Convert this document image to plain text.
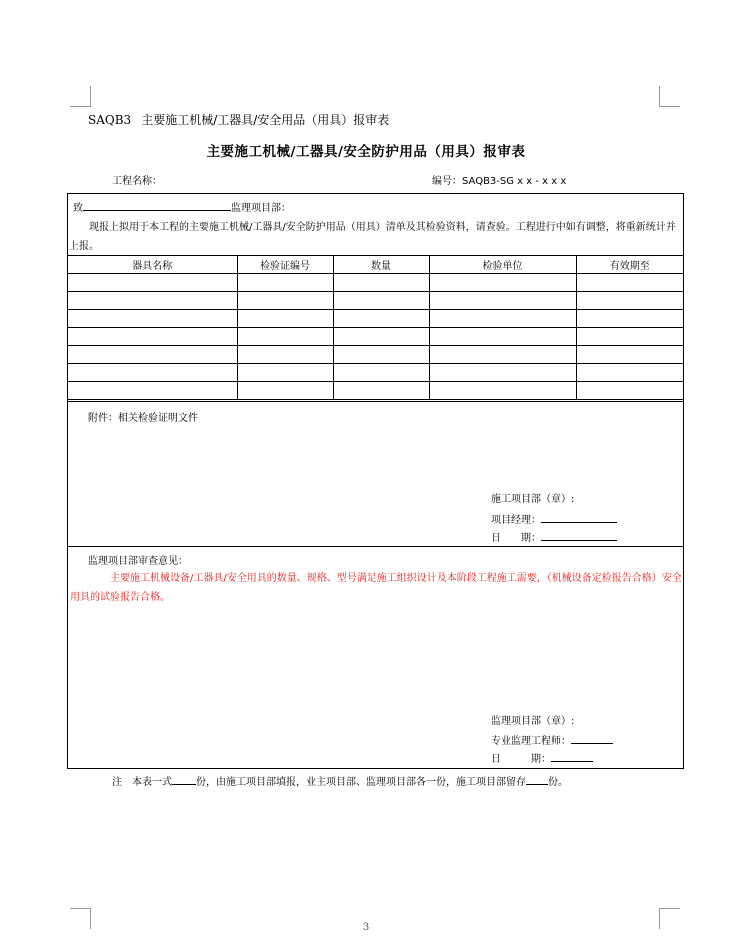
SAQB3 主要施工机械/工器具/安全用品（用具）报审表
主要施工机械/工器具/安全防护用品（用具）报审表
工程名称：	编号：SAQB3-SG x x - x x x
器具名称	检验证编号	数量	检验单位	有效期至

附件：相关检验证明文件
施工项目部（章）:
项目经理：
日　　期：
监理项目部审查意见：
主要施工机械设备/工器具/安全用具的数量、规格、型号满足施工组织设计及本阶段工程施工需要，（机械设备定检报告合格）安全用具的试验报告合格。
监理项目部（章）:
专业监理工程师：
日　　　期：
致	监理项目部：
现报上拟用于本工程的主要施工机械/工器具/安全防护用品（用具）清单及其检验资料，请查验。工程进行中如有调整，将重新统计并上报。
注　本表一式 份，由施工项目部填报，业主项目部、监理项目部各一份，施工项目部留存 份。
3
